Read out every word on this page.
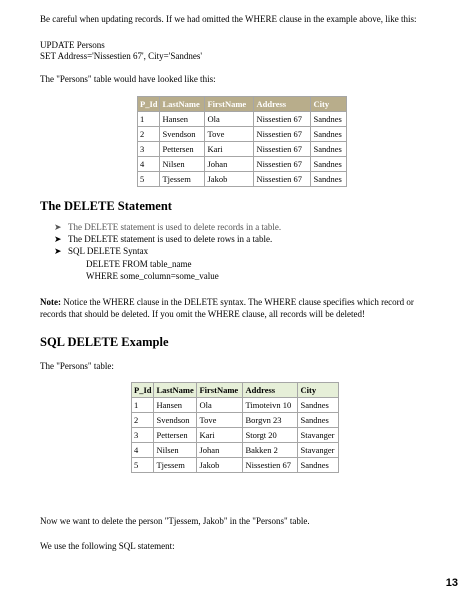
Be careful when updating records. If we had omitted the WHERE clause in the example above, like this:
UPDATE Persons
SET Address='Nissestien 67', City='Sandnes'
The "Persons" table would have looked like this:
P_Id	LastName	FirstName	Address	City
1	Hansen	Ola	Nissestien 67	Sandnes
2	Svendson	Tove	Nissestien 67	Sandnes
3	Pettersen	Kari	Nissestien 67	Sandnes
4	Nilsen	Johan	Nissestien 67	Sandnes
5	Tjessem	Jakob	Nissestien 67	Sandnes
The DELETE Statement
➤ The DELETE statement is used to delete records in a table.
➤ The DELETE statement is used to delete rows in a table.
➤ SQL DELETE Syntax
DELETE FROM table_name
WHERE some_column=some_value
Note: Notice the WHERE clause in the DELETE syntax. The WHERE clause specifies which record or
records that should be deleted. If you omit the WHERE clause, all records will be deleted!
SQL DELETE Example
The "Persons" table:
P_Id	LastName	FirstName	Address	City
1	Hansen	Ola	Timoteivn 10	Sandnes
2	Svendson	Tove	Borgvn 23	Sandnes
3	Pettersen	Kari	Storgt 20	Stavanger
4	Nilsen	Johan	Bakken 2	Stavanger
5	Tjessem	Jakob	Nissestien 67	Sandnes
Now we want to delete the person "Tjessem, Jakob" in the "Persons" table.
We use the following SQL statement:
13
